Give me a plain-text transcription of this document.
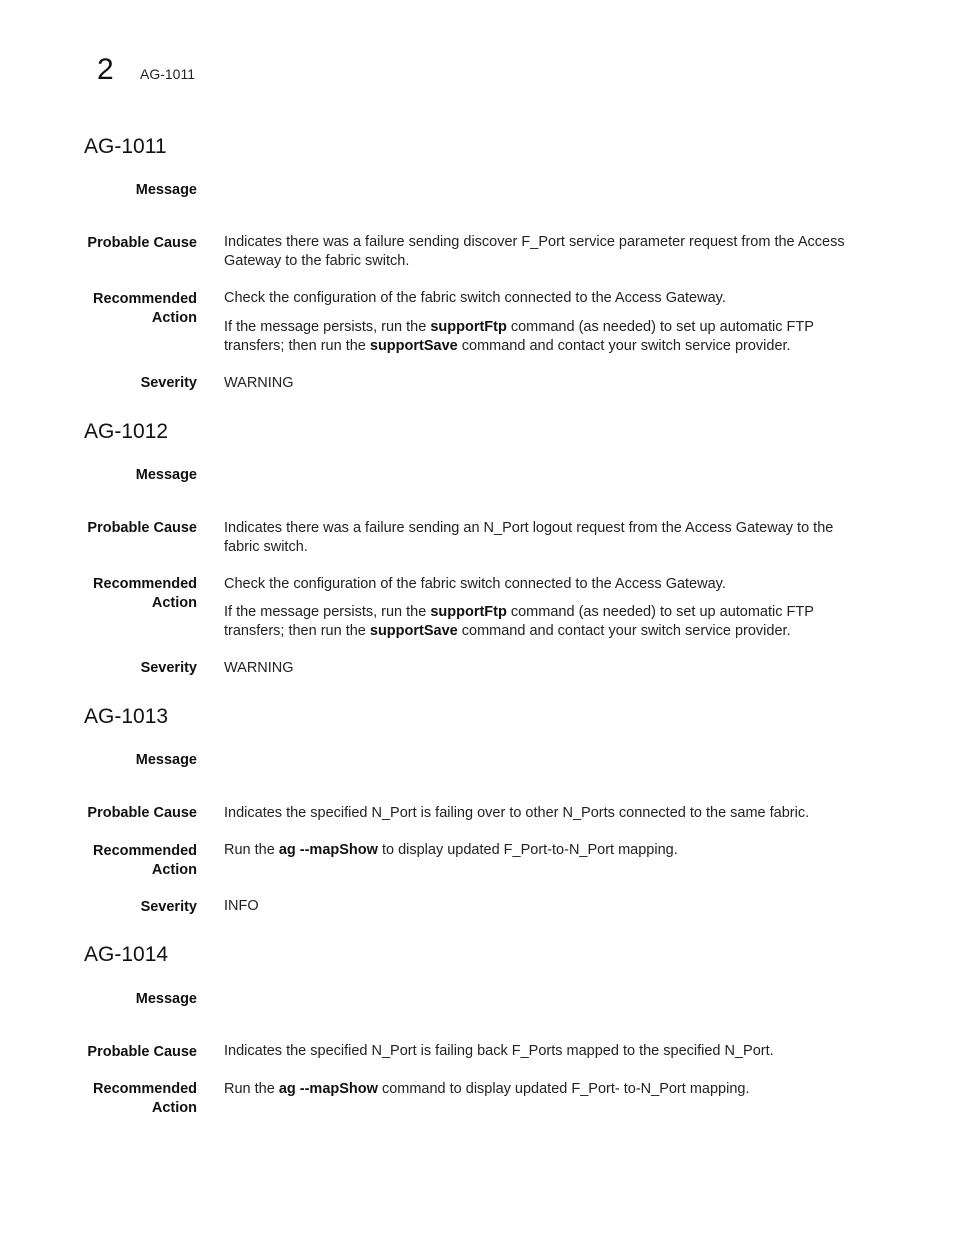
2 AG-1011
AG-1011
Message
Probable Cause Indicates there was a failure sending discover F_Port service parameter request from the Access Gateway to the fabric switch.
Recommended
Action
Check the configuration of the fabric switch connected to the Access Gateway.
If the message persists, run the supportFtp command (as needed) to set up automatic FTP transfers; then run the supportSave command and contact your switch service provider.
Severity WARNING
AG-1012
Message
Probable Cause Indicates there was a failure sending an N_Port logout request from the Access Gateway to the fabric switch.
Recommended
Action
Check the configuration of the fabric switch connected to the Access Gateway.
If the message persists, run the supportFtp command (as needed) to set up automatic FTP transfers; then run the supportSave command and contact your switch service provider.
Severity WARNING
AG-1013
Message
Probable Cause Indicates the specified N_Port is failing over to other N_Ports connected to the same fabric.
Recommended
Action
Run the ag --mapShow to display updated F_Port-to-N_Port mapping.
Severity INFO
AG-1014
Message
Probable Cause Indicates the specified N_Port is failing back F_Ports mapped to the specified N_Port.
Recommended
Action
Run the ag --mapShow command to display updated F_Port- to-N_Port mapping.
